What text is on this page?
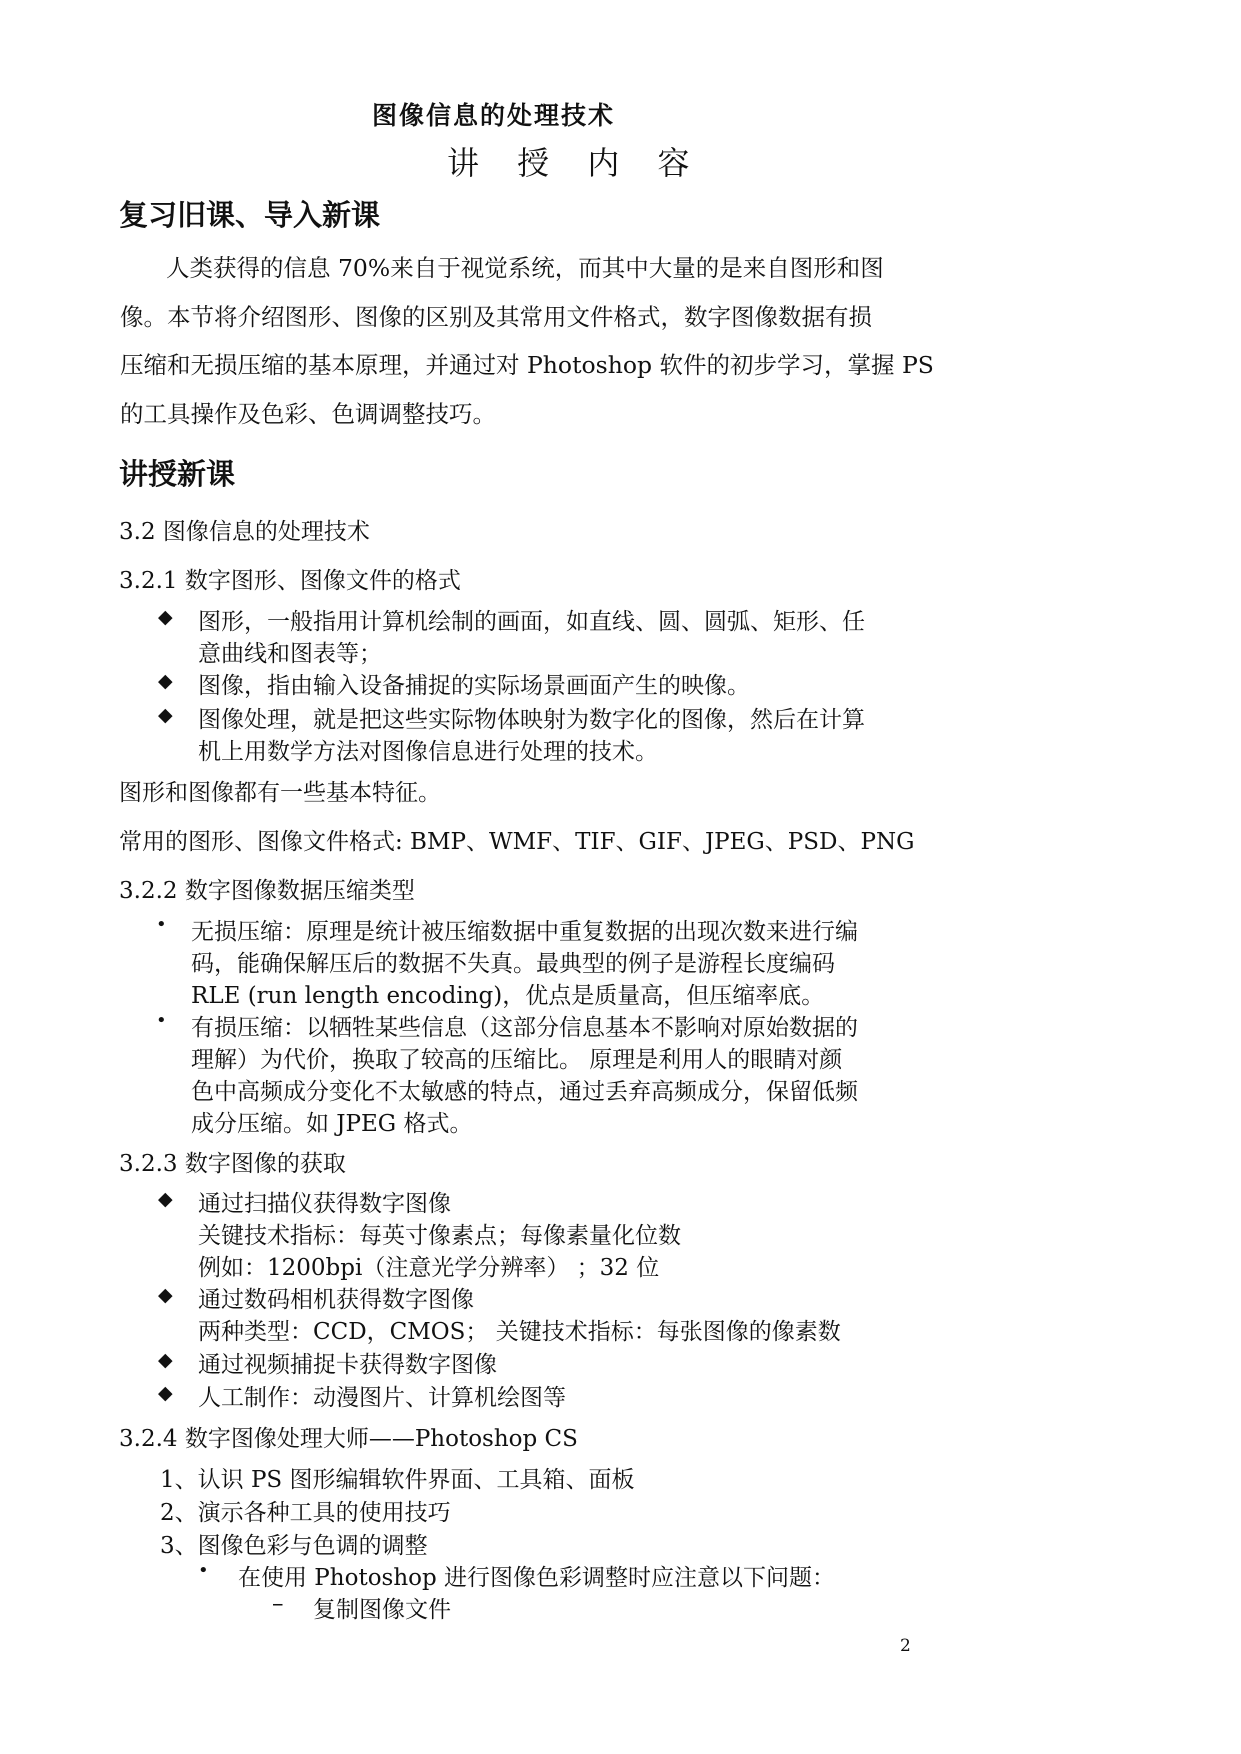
图像信息的处理技术
讲 授 内 容
复习旧课、导入新课
人类获得的信息 70%来自于视觉系统，而其中大量的是来自图形和图
像。本节将介绍图形、图像的区别及其常用文件格式，数字图像数据有损
压缩和无损压缩的基本原理，并通过对 Photoshop 软件的初步学习，掌握 PS
的工具操作及色彩、色调调整技巧。
讲授新课
3.2 图像信息的处理技术
3.2.1 数字图形、图像文件的格式
◆ 图形，一般指用计算机绘制的画面，如直线、圆、圆弧、矩形、任
意曲线和图表等；
◆ 图像，指由输入设备捕捉的实际场景画面产生的映像。
◆ 图像处理，就是把这些实际物体映射为数字化的图像，然后在计算
机上用数学方法对图像信息进行处理的技术。
图形和图像都有一些基本特征。
常用的图形、图像文件格式: BMP、WMF、TIF、GIF、JPEG、PSD、PNG
3.2.2 数字图像数据压缩类型
• 无损压缩：原理是统计被压缩数据中重复数据的出现次数来进行编
码，能确保解压后的数据不失真。最典型的例子是游程长度编码
RLE (run length encoding)，优点是质量高，但压缩率底。
• 有损压缩：以牺牲某些信息（这部分信息基本不影响对原始数据的
理解）为代价，换取了较高的压缩比。 原理是利用人的眼睛对颜
色中高频成分变化不太敏感的特点，通过丢弃高频成分，保留低频
成分压缩。如 JPEG 格式。
3.2.3 数字图像的获取
◆ 通过扫描仪获得数字图像
关键技术指标：每英寸像素点；每像素量化位数
例如：1200bpi（注意光学分辨率） ；32 位
◆ 通过数码相机获得数字图像
两种类型：CCD，CMOS； 关键技术指标：每张图像的像素数
◆ 通过视频捕捉卡获得数字图像
◆ 人工制作：动漫图片、计算机绘图等
3.2.4 数字图像处理大师——Photoshop CS
1、认识 PS 图形编辑软件界面、工具箱、面板
2、演示各种工具的使用技巧
3、图像色彩与色调的调整
• 在使用 Photoshop 进行图像色彩调整时应注意以下问题：
– 复制图像文件
2
